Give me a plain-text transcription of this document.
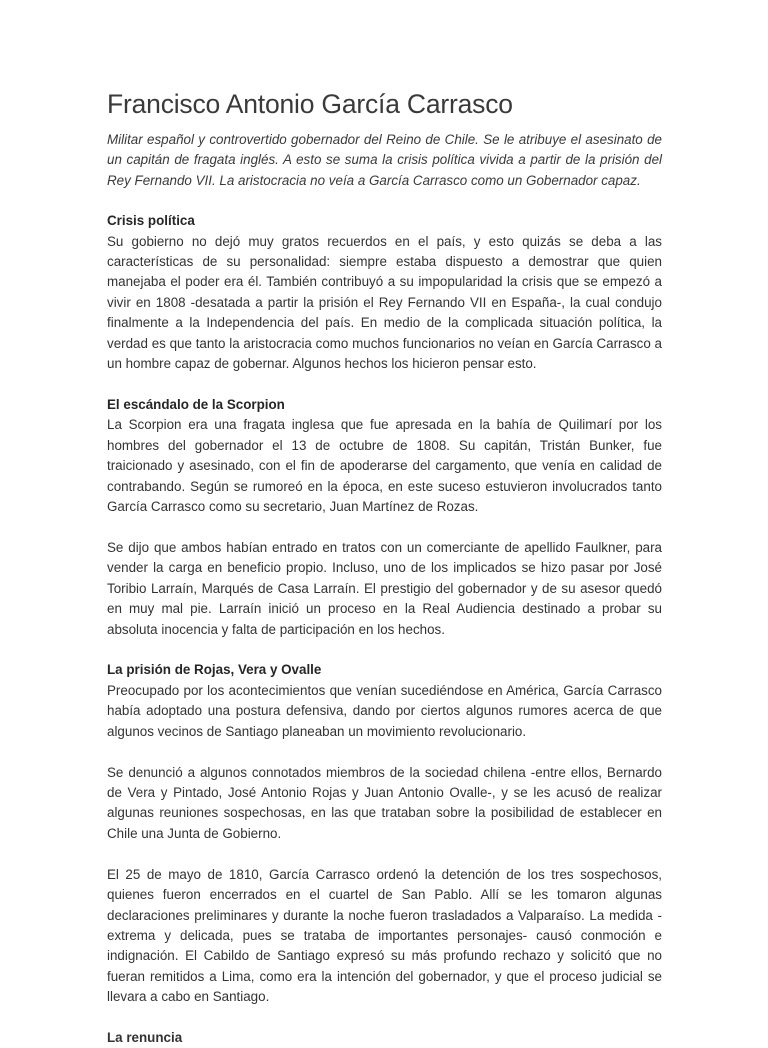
Francisco Antonio García Carrasco

Militar español y controvertido gobernador del Reino de Chile. Se le atribuye el asesinato de un capitán de fragata inglés. A esto se suma la crisis política vivida a partir de la prisión del Rey Fernando VII. La aristocracia no veía a García Carrasco como un Gobernador capaz.

Crisis política

Su gobierno no dejó muy gratos recuerdos en el país, y esto quizás se deba a las características de su personalidad: siempre estaba dispuesto a demostrar que quien manejaba el poder era él. También contribuyó a su impopularidad la crisis que se empezó a vivir en 1808 -desatada a partir la prisión el Rey Fernando VII en España-, la cual condujo finalmente a la Independencia del país. En medio de la complicada situación política, la verdad es que tanto la aristocracia como muchos funcionarios no veían en García Carrasco a un hombre capaz de gobernar. Algunos hechos los hicieron pensar esto.

El escándalo de la Scorpion

La Scorpion era una fragata inglesa que fue apresada en la bahía de Quilimarí por los hombres del gobernador el 13 de octubre de 1808. Su capitán, Tristán Bunker, fue traicionado y asesinado, con el fin de apoderarse del cargamento, que venía en calidad de contrabando. Según se rumoreó en la época, en este suceso estuvieron involucrados tanto García Carrasco como su secretario, Juan Martínez de Rozas.

Se dijo que ambos habían entrado en tratos con un comerciante de apellido Faulkner, para vender la carga en beneficio propio. Incluso, uno de los implicados se hizo pasar por José Toribio Larraín, Marqués de Casa Larraín. El prestigio del gobernador y de su asesor quedó en muy mal pie. Larraín inició un proceso en la Real Audiencia destinado a probar su absoluta inocencia y falta de participación en los hechos.

La prisión de Rojas, Vera y Ovalle

Preocupado por los acontecimientos que venían sucediéndose en América, García Carrasco había adoptado una postura defensiva, dando por ciertos algunos rumores acerca de que algunos vecinos de Santiago planeaban un movimiento revolucionario.

Se denunció a algunos connotados miembros de la sociedad chilena -entre ellos, Bernardo de Vera y Pintado, José Antonio Rojas y Juan Antonio Ovalle-, y se les acusó de realizar algunas reuniones sospechosas, en las que trataban sobre la posibilidad de establecer en Chile una Junta de Gobierno.

El 25 de mayo de 1810, García Carrasco ordenó la detención de los tres sospechosos, quienes fueron encerrados en el cuartel de San Pablo. Allí se les tomaron algunas declaraciones preliminares y durante la noche fueron trasladados a Valparaíso. La medida -extrema y delicada, pues se trataba de importantes personajes- causó conmoción e indignación. El Cabildo de Santiago expresó su más profundo rechazo y solicitó que no fueran remitidos a Lima, como era la intención del gobernador, y que el proceso judicial se llevara a cabo en Santiago.

La renuncia
